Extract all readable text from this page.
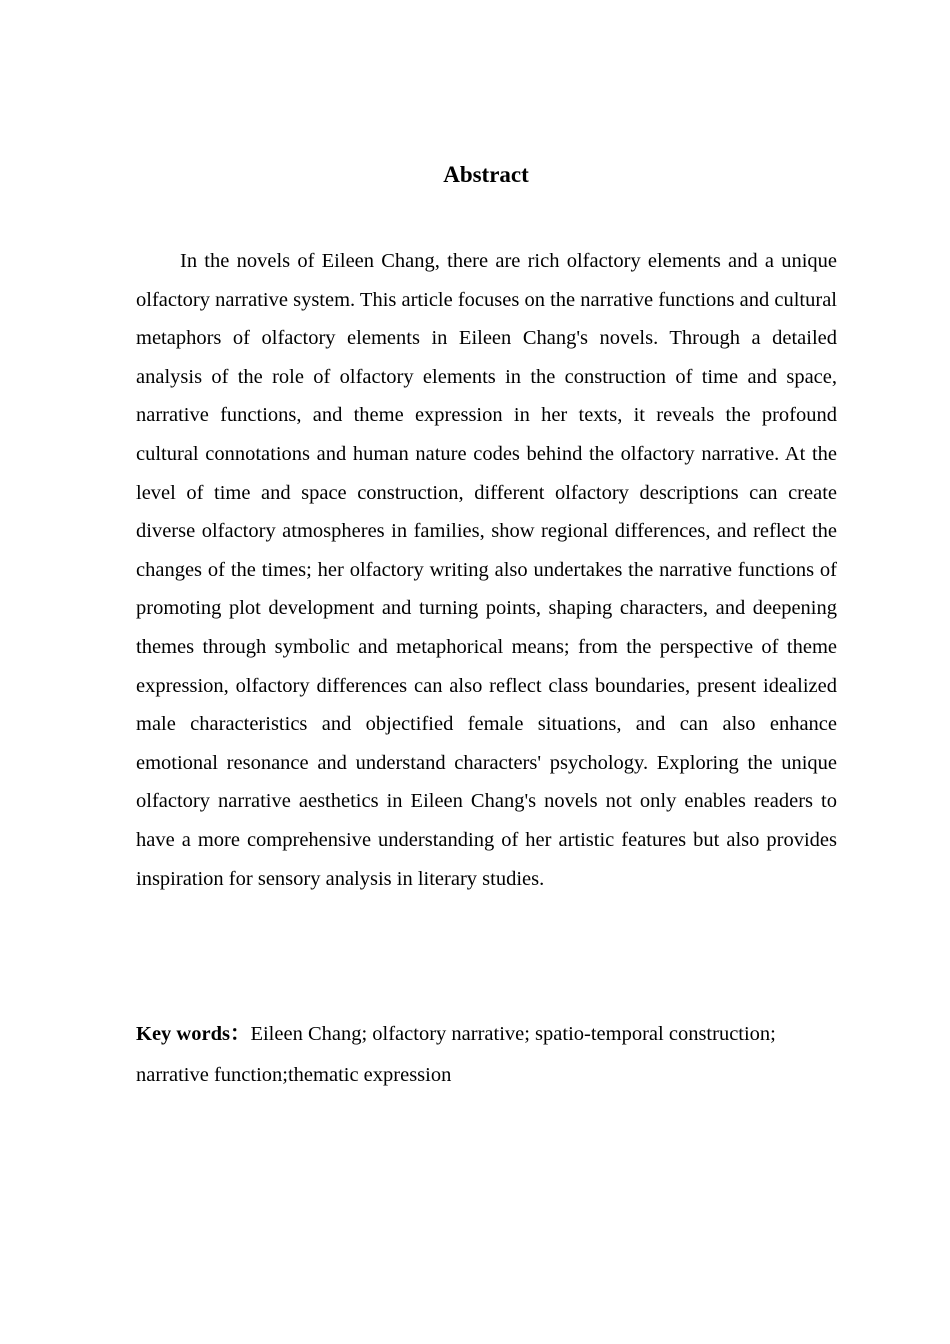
Abstract

In the novels of Eileen Chang, there are rich olfactory elements and a unique olfactory narrative system. This article focuses on the narrative functions and cultural metaphors of olfactory elements in Eileen Chang's novels. Through a detailed analysis of the role of olfactory elements in the construction of time and space, narrative functions, and theme expression in her texts, it reveals the profound cultural connotations and human nature codes behind the olfactory narrative. At the level of time and space construction, different olfactory descriptions can create diverse olfactory atmospheres in families, show regional differences, and reflect the changes of the times; her olfactory writing also undertakes the narrative functions of promoting plot development and turning points, shaping characters, and deepening themes through symbolic and metaphorical means; from the perspective of theme expression, olfactory differences can also reflect class boundaries, present idealized male characteristics and objectified female situations, and can also enhance emotional resonance and understand characters' psychology. Exploring the unique olfactory narrative aesthetics in Eileen Chang's novels not only enables readers to have a more comprehensive understanding of her artistic features but also provides inspiration for sensory analysis in literary studies.

Key words：Eileen Chang; olfactory narrative; spatio-temporal construction; narrative function;thematic expression
